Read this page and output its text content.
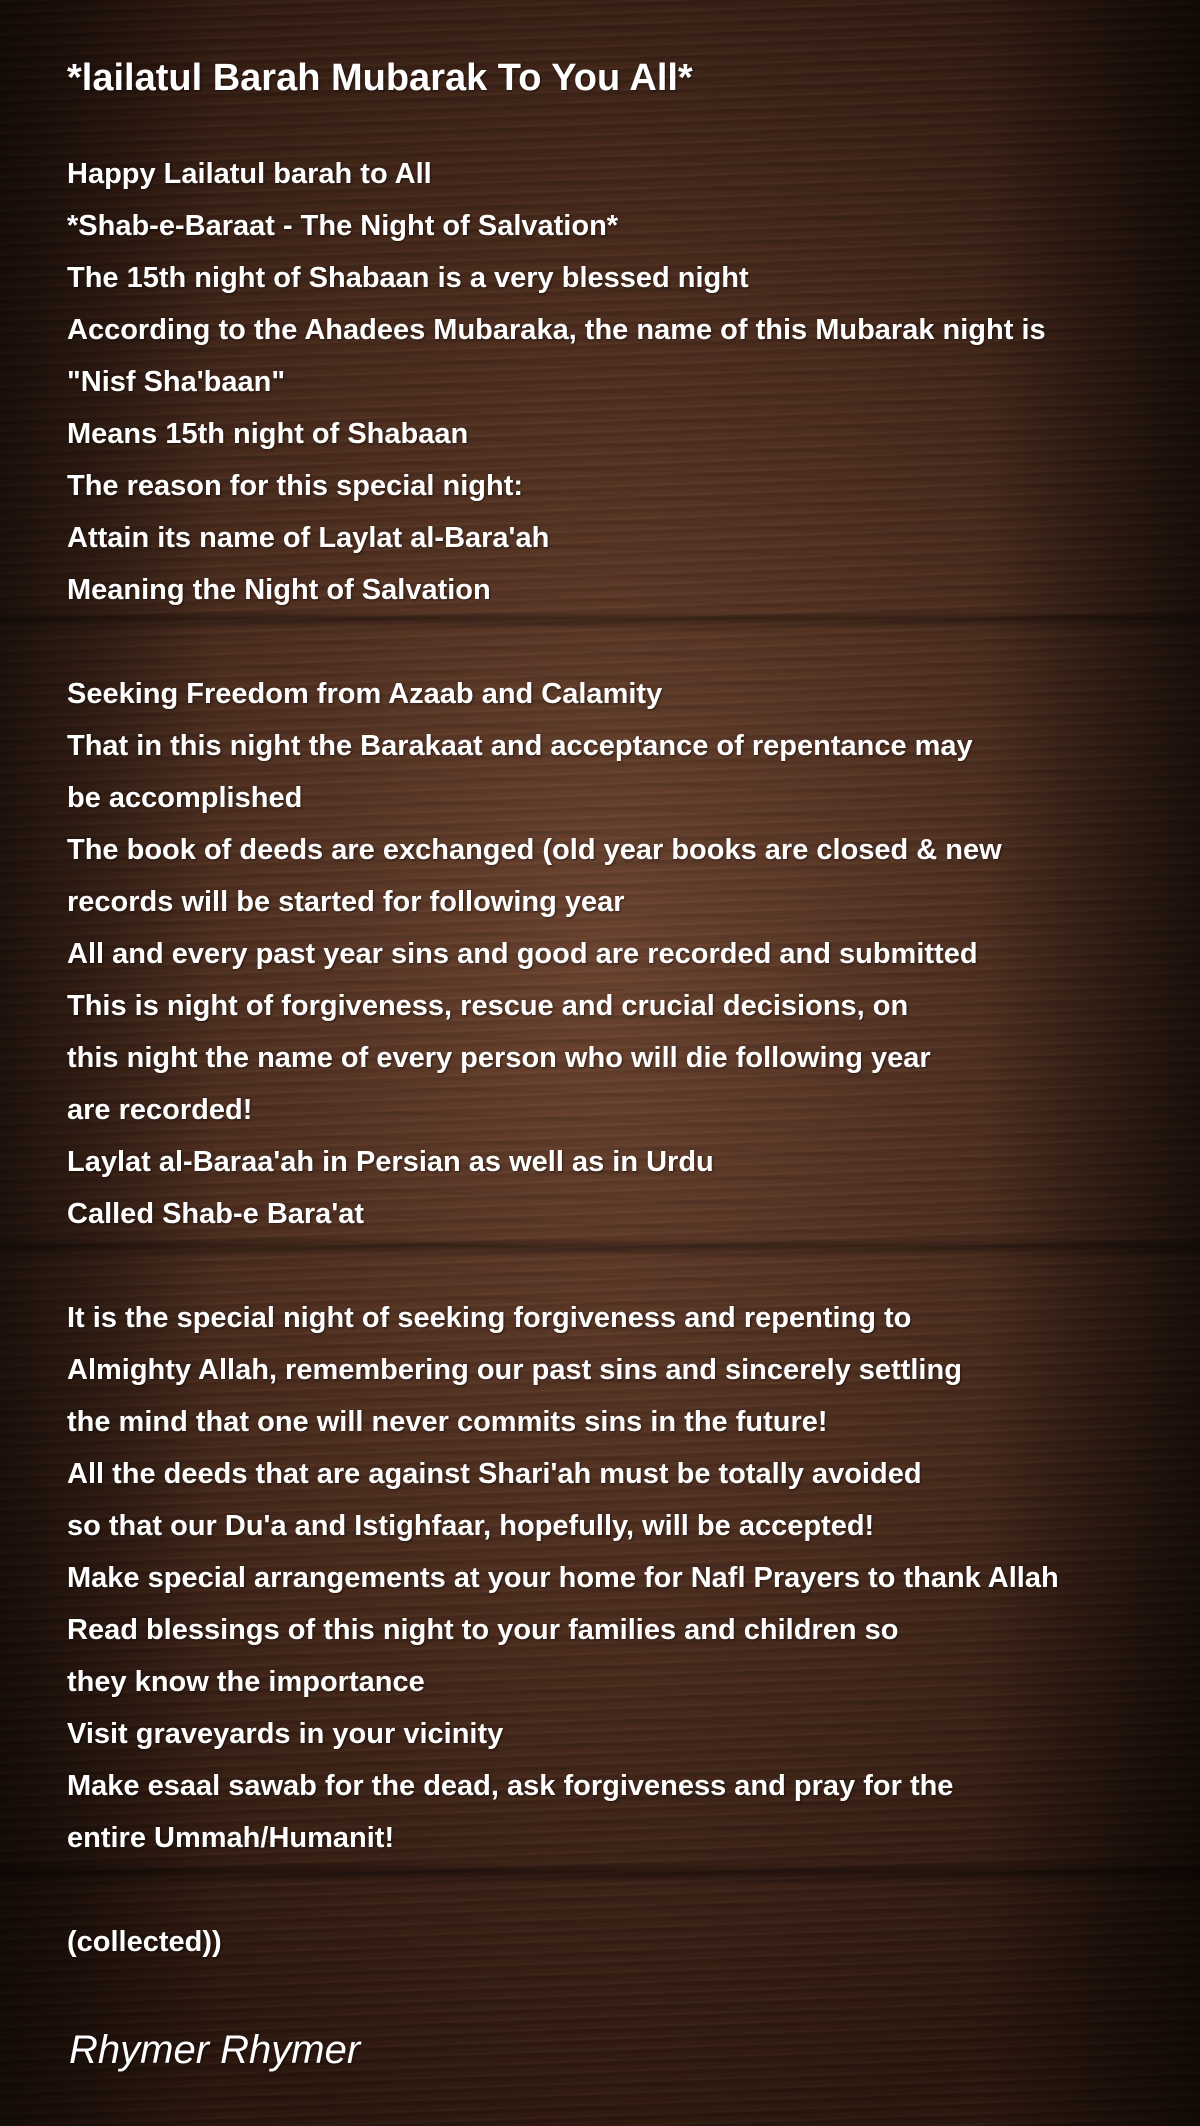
*lailatul Barah Mubarak To You All*
Happy Lailatul barah to All
*Shab-e-Baraat - The Night of Salvation*
The 15th night of Shabaan is a very blessed night
According to the Ahadees Mubaraka, the name of this Mubarak night is
"Nisf Sha'baan"
Means 15th night of Shabaan
The reason for this special night:
Attain its name of Laylat al-Bara'ah
Meaning the Night of Salvation
Seeking Freedom from Azaab and Calamity
That in this night the Barakaat and acceptance of repentance may
be accomplished
The book of deeds are exchanged (old year books are closed & new
records will be started for following year
All and every past year sins and good are recorded and submitted
This is night of forgiveness, rescue and crucial decisions, on
this night the name of every person who will die following year
are recorded!
Laylat al-Baraa'ah in Persian as well as in Urdu
Called Shab-e Bara'at
It is the special night of seeking forgiveness and repenting to
Almighty Allah, remembering our past sins and sincerely settling
the mind that one will never commits sins in the future!
All the deeds that are against Shari'ah must be totally avoided
so that our Du'a and Istighfaar, hopefully, will be accepted!
Make special arrangements at your home for Nafl Prayers to thank Allah
Read blessings of this night to your families and children so
they know the importance
Visit graveyards in your vicinity
Make esaal sawab for the dead, ask forgiveness and pray for the
entire Ummah/Humanit!
(collected))
Rhymer Rhymer
